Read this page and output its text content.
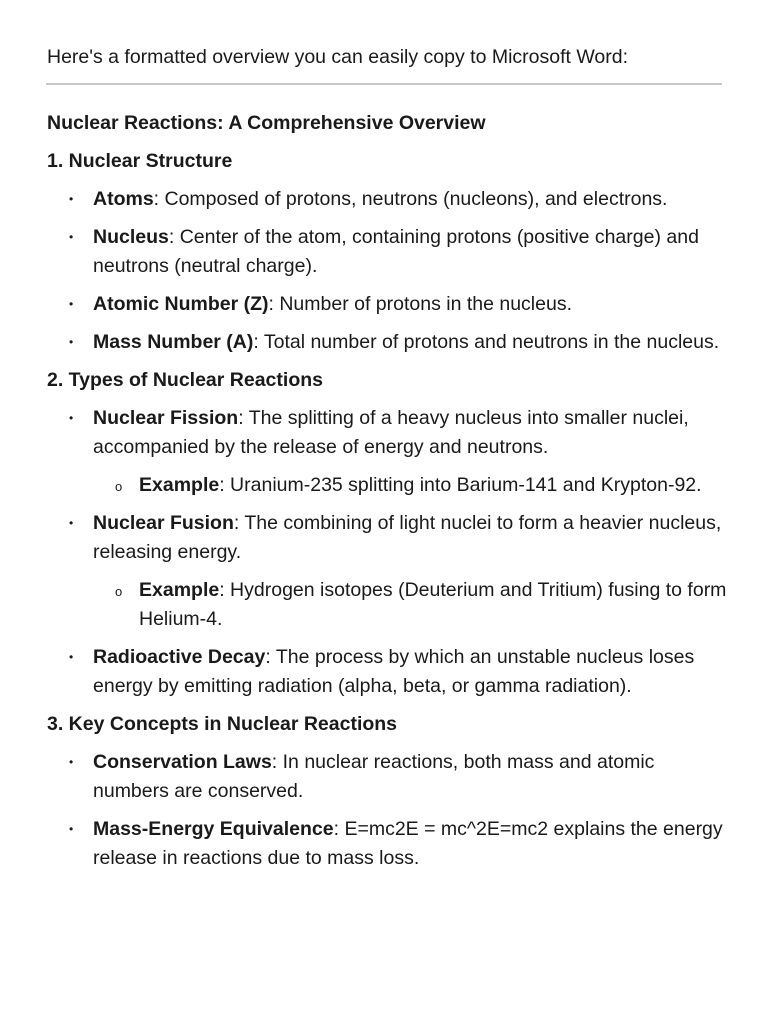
Here's a formatted overview you can easily copy to Microsoft Word:

Nuclear Reactions: A Comprehensive Overview

1. Nuclear Structure

• Atoms: Composed of protons, neutrons (nucleons), and electrons.
• Nucleus: Center of the atom, containing protons (positive charge) and neutrons (neutral charge).
• Atomic Number (Z): Number of protons in the nucleus.
• Mass Number (A): Total number of protons and neutrons in the nucleus.

2. Types of Nuclear Reactions

• Nuclear Fission: The splitting of a heavy nucleus into smaller nuclei, accompanied by the release of energy and neutrons.
o Example: Uranium-235 splitting into Barium-141 and Krypton-92.
• Nuclear Fusion: The combining of light nuclei to form a heavier nucleus, releasing energy.
o Example: Hydrogen isotopes (Deuterium and Tritium) fusing to form Helium-4.
• Radioactive Decay: The process by which an unstable nucleus loses energy by emitting radiation (alpha, beta, or gamma radiation).

3. Key Concepts in Nuclear Reactions

• Conservation Laws: In nuclear reactions, both mass and atomic numbers are conserved.
• Mass-Energy Equivalence: E=mc2E = mc^2E=mc2 explains the energy release in reactions due to mass loss.
